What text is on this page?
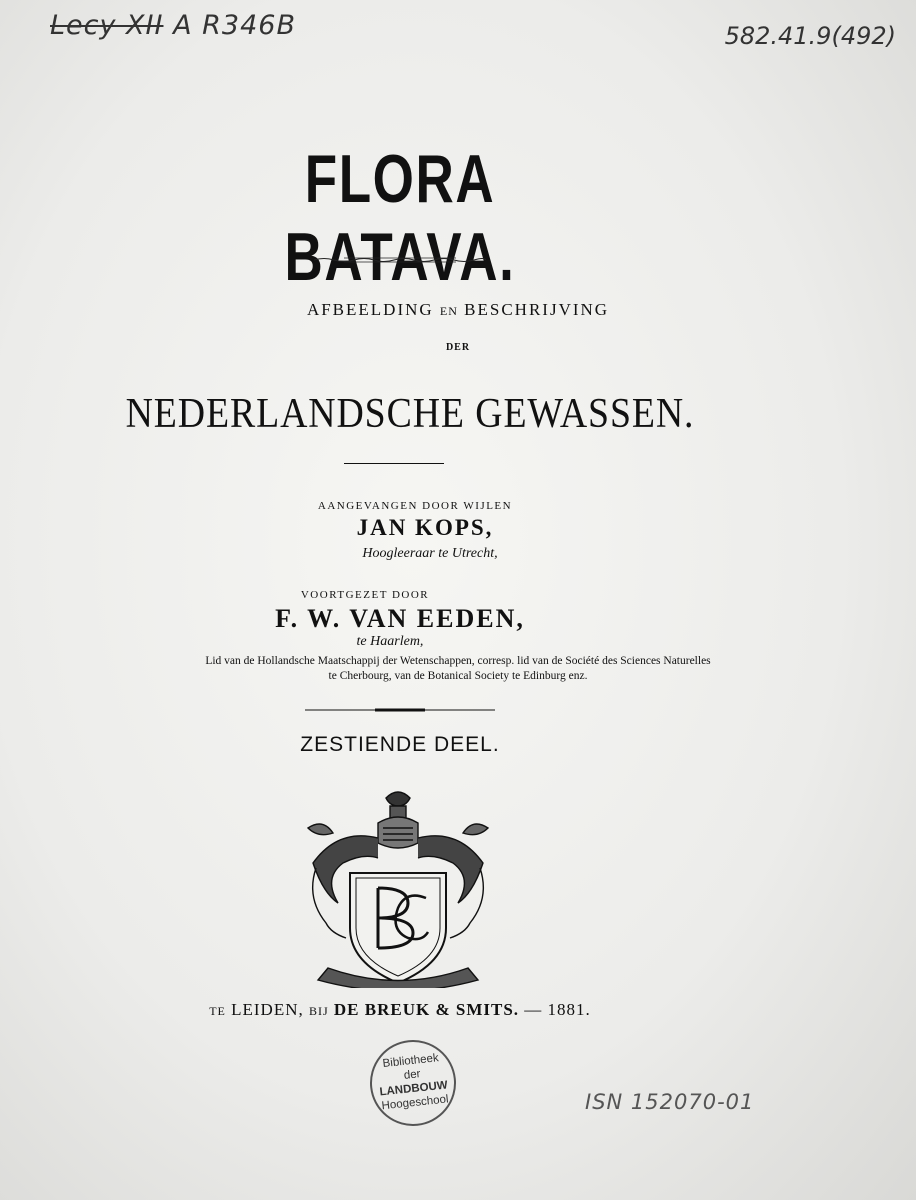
Lecy XII A R346B	582.41.9(492)
FLORA BATAVA.
AFBEELDING EN BESCHRIJVING
DER
NEDERLANDSCHE GEWASSEN.
AANGEVANGEN DOOR WIJLEN
JAN KOPS,
Hoogleeraar te Utrecht,
VOORTGEZET DOOR
F. W. VAN EEDEN,
te Haarlem,
Lid van de Hollandsche Maatschappij der Wetenschappen, corresp. lid van de Société des Sciences Naturelles
te Cherbourg, van de Botanical Society te Edinburg enz.
ZESTIENDE DEEL.
TE LEIDEN, BIJ DE BREUK & SMITS. — 1881.
Bibliotheek
der
LANDBOUW
Hoogeschool	ISN 152070-01
